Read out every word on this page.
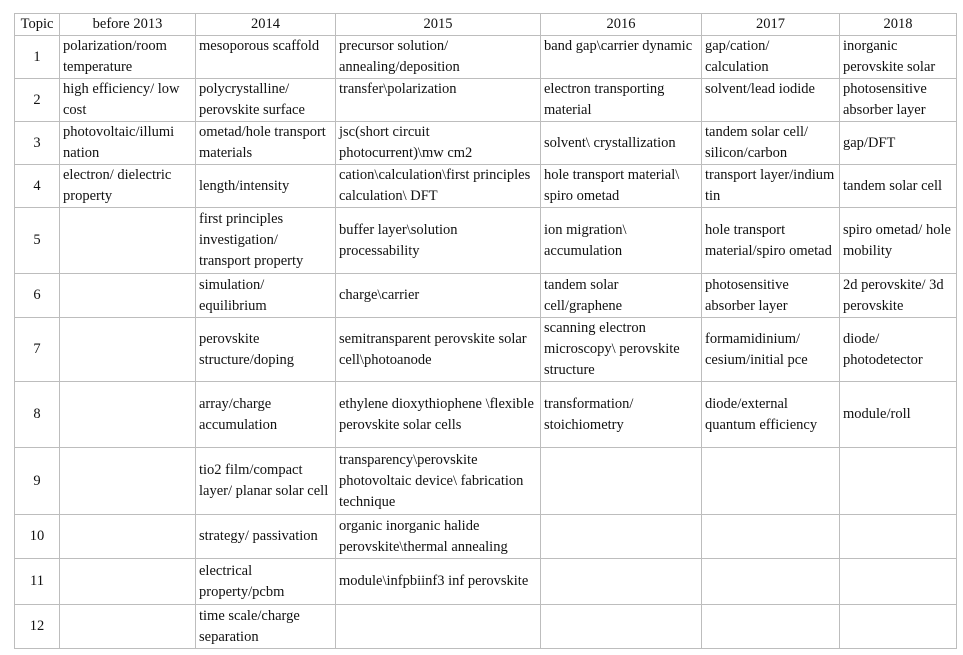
Topic	before 2013	2014	2015	2016	2017	2018
1	polarization/room temperature	mesoporous scaffold	precursor solution/ annealing/deposition	band gap\carrier dynamic	gap/cation/ calculation	inorganic perovskite solar

2	high efficiency/ low cost	polycrystalline/ perovskite surface	transfer\polarization	electron transporting material	solvent/lead iodide	photosensitive absorber layer

3	photovoltaic/illumi nation	ometad/hole transport materials	jsc(short circuit photocurrent)\mw cm2	solvent\ crystallization	tandem solar cell/ silicon/carbon	gap/DFT

4	electron/ dielectric property	length/intensity	cation\calculation\first principles calculation\ DFT	hole transport material\ spiro ometad	transport layer/indium tin	tandem solar cell

5		first principles investigation/ transport property	buffer layer\solution processability	ion migration\ accumulation	hole transport material/spiro ometad	spiro ometad/ hole mobility

6		simulation/ equilibrium	charge\carrier	tandem solar cell/graphene	photosensitive absorber layer	2d perovskite/ 3d perovskite

7		perovskite structure/doping	semitransparent perovskite solar cell\photoanode	scanning electron microscopy\ perovskite structure	formamidinium/ cesium/initial pce	diode/ photodetector

8		array/charge accumulation	ethylene dioxythiophene \flexible perovskite solar cells	transformation/ stoichiometry	diode/external quantum efficiency	module/roll

9		tio2 film/compact layer/ planar solar cell	transparency\perovskite photovoltaic device\ fabrication technique			

10		strategy/ passivation	organic inorganic halide perovskite\thermal annealing			

11		electrical property/pcbm	module\infpbiinf3 inf perovskite			

12		time scale/charge separation				
